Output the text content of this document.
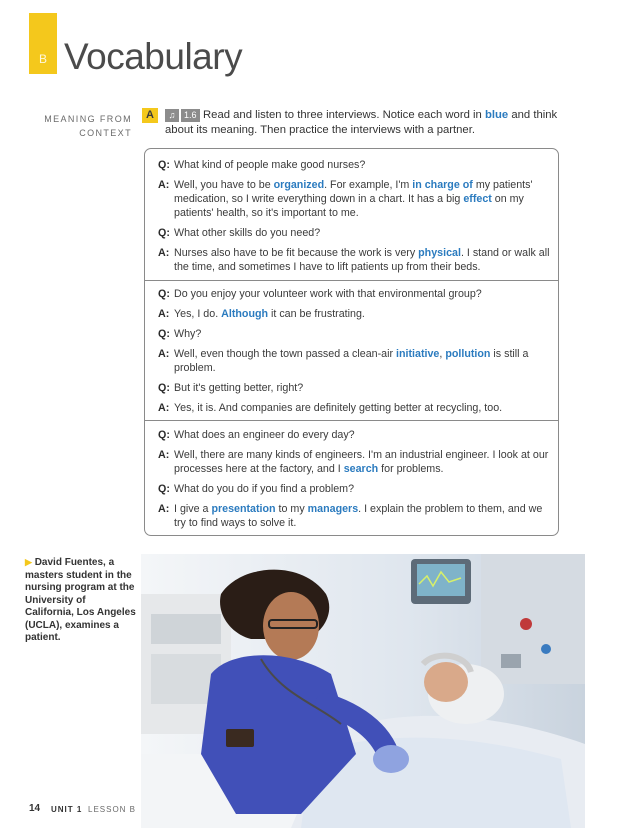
B Vocabulary
MEANING FROM
CONTEXT
Read and listen to three interviews. Notice each word in blue and think about its meaning. Then practice the interviews with a partner.
A	♫ 1.6
Q: What kind of people make good nurses?
A: Well, you have to be organized. For example, I'm in charge of my patients' medication, so I write everything down in a chart. It has a big effect on my patients' health, so it's important to me.
Q: What other skills do you need?
A: Nurses also have to be fit because the work is very physical. I stand or walk all the time, and sometimes I have to lift patients up from their beds.
Q: Do you enjoy your volunteer work with that environmental group?
A: Yes, I do. Although it can be frustrating.
Q: Why?
A: Well, even though the town passed a clean-air initiative, pollution is still a problem.
Q: But it's getting better, right?
A: Yes, it is. And companies are definitely getting better at recycling, too.
Q: What does an engineer do every day?
A: Well, there are many kinds of engineers. I'm an industrial engineer. I look at our processes here at the factory, and I search for problems.
Q: What do you do if you find a problem?
A: I give a presentation to my managers. I explain the problem to them, and we try to find ways to solve it.
▶ David Fuentes, a masters student in the nursing program at the University of California, Los Angeles (UCLA), examines a patient.
14 UNIT 1 LESSON B
